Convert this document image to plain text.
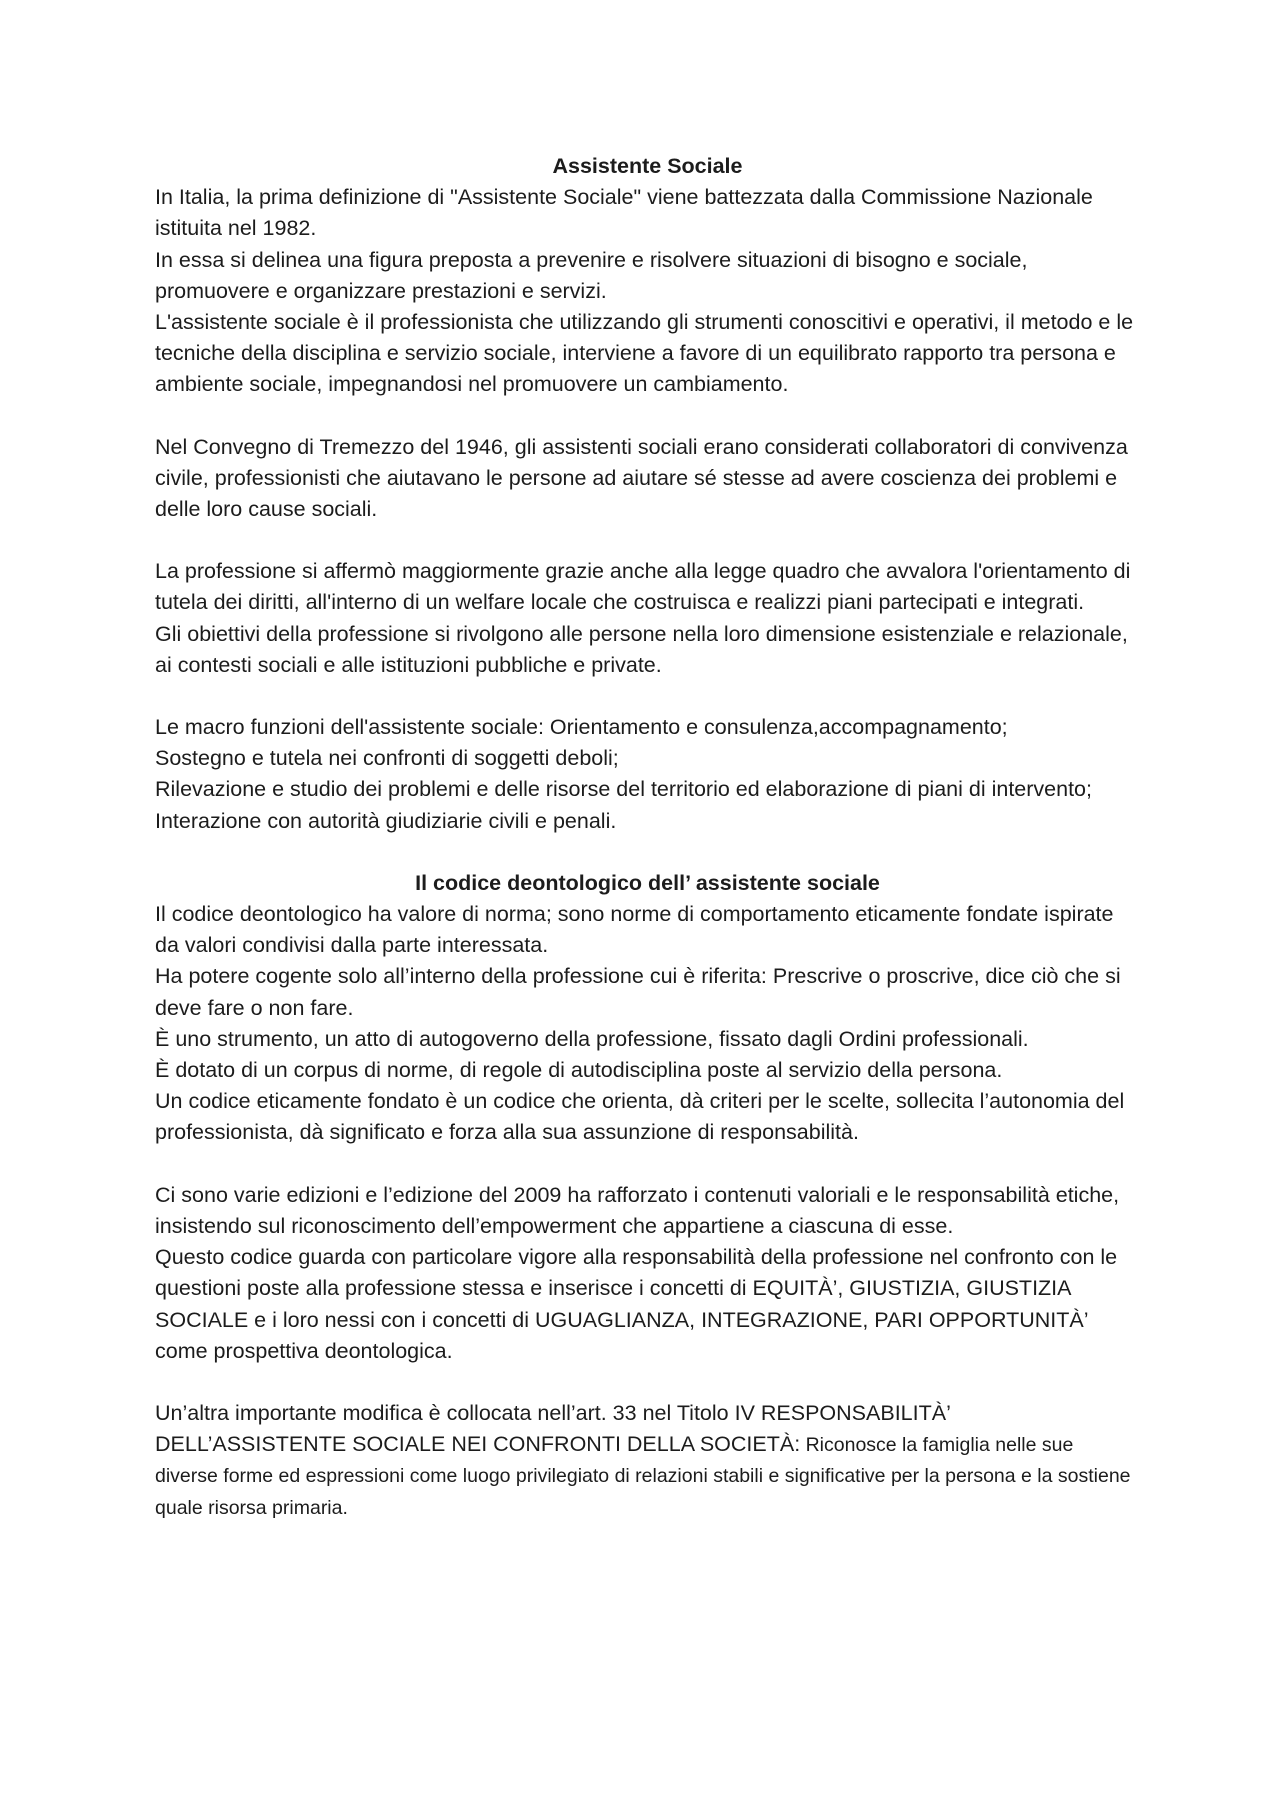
Assistente Sociale

In Italia, la prima definizione di "Assistente Sociale" viene battezzata dalla Commissione Nazionale istituita nel 1982.

In essa si delinea una figura preposta a prevenire e risolvere situazioni di bisogno e sociale, promuovere e organizzare prestazioni e servizi.

L'assistente sociale è il professionista che utilizzando gli strumenti conoscitivi e operativi, il metodo e le tecniche della disciplina e servizio sociale, interviene a favore di un equilibrato rapporto tra persona e ambiente sociale, impegnandosi nel promuovere un cambiamento.

Nel Convegno di Tremezzo del 1946, gli assistenti sociali erano considerati collaboratori di convivenza civile, professionisti che aiutavano le persone ad aiutare sé stesse ad avere coscienza dei problemi e delle loro cause sociali.

La professione si affermò maggiormente grazie anche alla legge quadro che avvalora l'orientamento di tutela dei diritti, all'interno di un welfare locale che costruisca e realizzi piani partecipati e integrati.

Gli obiettivi della professione si rivolgono alle persone nella loro dimensione esistenziale e relazionale, ai contesti sociali e alle istituzioni pubbliche e private.

Le macro funzioni dell'assistente sociale: Orientamento e consulenza,accompagnamento;

Sostegno e tutela nei confronti di soggetti deboli;

Rilevazione e studio dei problemi e delle risorse del territorio ed elaborazione di piani di intervento;

Interazione con autorità giudiziarie civili e penali.

Il codice deontologico dell’ assistente sociale

Il codice deontologico ha valore di norma; sono norme di comportamento eticamente fondate ispirate da valori condivisi dalla parte interessata.

Ha potere cogente solo all’interno della professione cui è riferita: Prescrive o proscrive, dice ciò che si deve fare o non fare.

È uno strumento, un atto di autogoverno della professione, fissato dagli Ordini professionali.

È dotato di un corpus di norme, di regole di autodisciplina poste al servizio della persona.

Un codice eticamente fondato è un codice che orienta, dà criteri per le scelte, sollecita l’autonomia del professionista, dà significato e forza alla sua assunzione di responsabilità.

Ci sono varie edizioni e l’edizione del 2009 ha rafforzato i contenuti valoriali e le responsabilità etiche, insistendo sul riconoscimento dell’empowerment che appartiene a ciascuna di esse.

Questo codice guarda con particolare vigore alla responsabilità della professione nel confronto con le questioni poste alla professione stessa e inserisce i concetti di EQUITÀ’, GIUSTIZIA, GIUSTIZIA SOCIALE e i loro nessi con i concetti di UGUAGLIANZA, INTEGRAZIONE, PARI OPPORTUNITÀ’ come prospettiva deontologica.

Un’altra importante modifica è collocata nell’art. 33 nel Titolo IV RESPONSABILITÀ’ DELL’ASSISTENTE SOCIALE NEI CONFRONTI DELLA SOCIETÀ: Riconosce la famiglia nelle sue diverse forme ed espressioni come luogo privilegiato di relazioni stabili e significative per la persona e la sostiene quale risorsa primaria.
